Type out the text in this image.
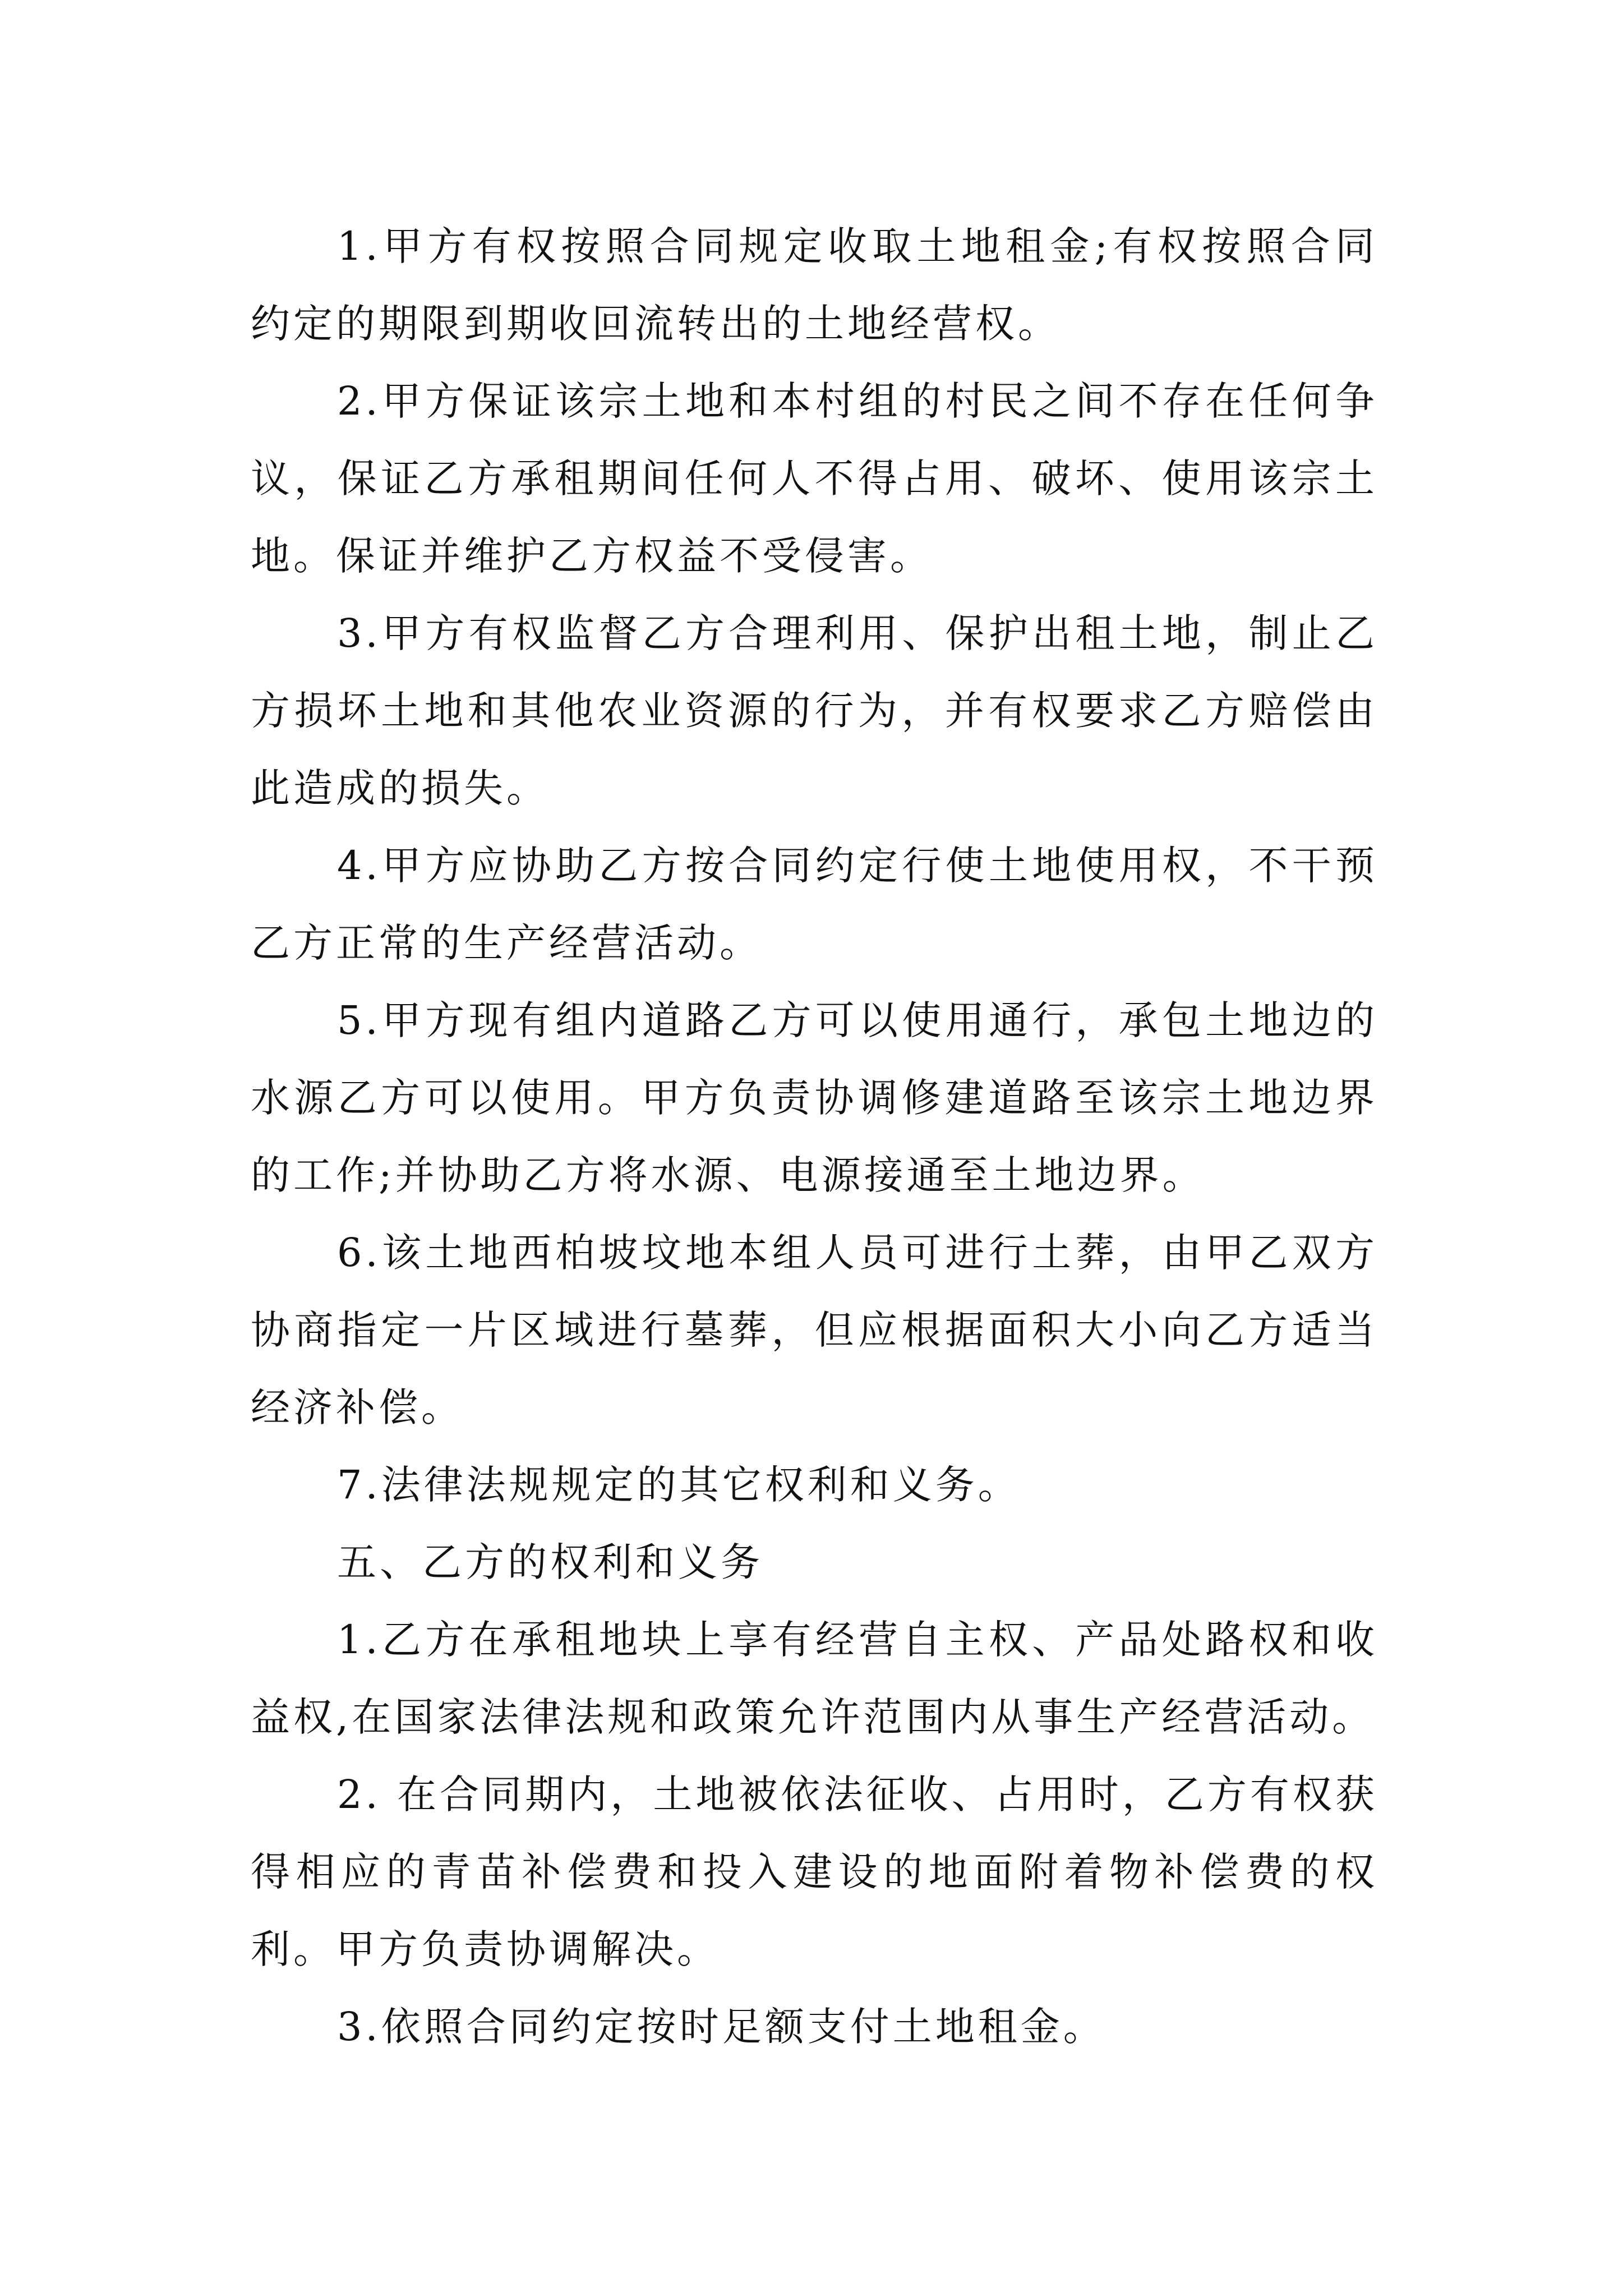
1.甲方有权按照合同规定收取土地租金;有权按照合同约定的期限到期收回流转出的土地经营权。

2.甲方保证该宗土地和本村组的村民之间不存在任何争议，保证乙方承租期间任何人不得占用、破坏、使用该宗土地。保证并维护乙方权益不受侵害。

3.甲方有权监督乙方合理利用、保护出租土地，制止乙方损坏土地和其他农业资源的行为，并有权要求乙方赔偿由此造成的损失。

4.甲方应协助乙方按合同约定行使土地使用权，不干预乙方正常的生产经营活动。

5.甲方现有组内道路乙方可以使用通行，承包土地边的水源乙方可以使用。甲方负责协调修建道路至该宗土地边界的工作;并协助乙方将水源、电源接通至土地边界。

6.该土地西柏坡坟地本组人员可进行土葬，由甲乙双方协商指定一片区域进行墓葬，但应根据面积大小向乙方适当经济补偿。

7.法律法规规定的其它权利和义务。

五、乙方的权利和义务

1.乙方在承租地块上享有经营自主权、产品处路权和收益权,在国家法律法规和政策允许范围内从事生产经营活动。

2. 在合同期内，土地被依法征收、占用时，乙方有权获得相应的青苗补偿费和投入建设的地面附着物补偿费的权利。甲方负责协调解决。

3.依照合同约定按时足额支付土地租金。
